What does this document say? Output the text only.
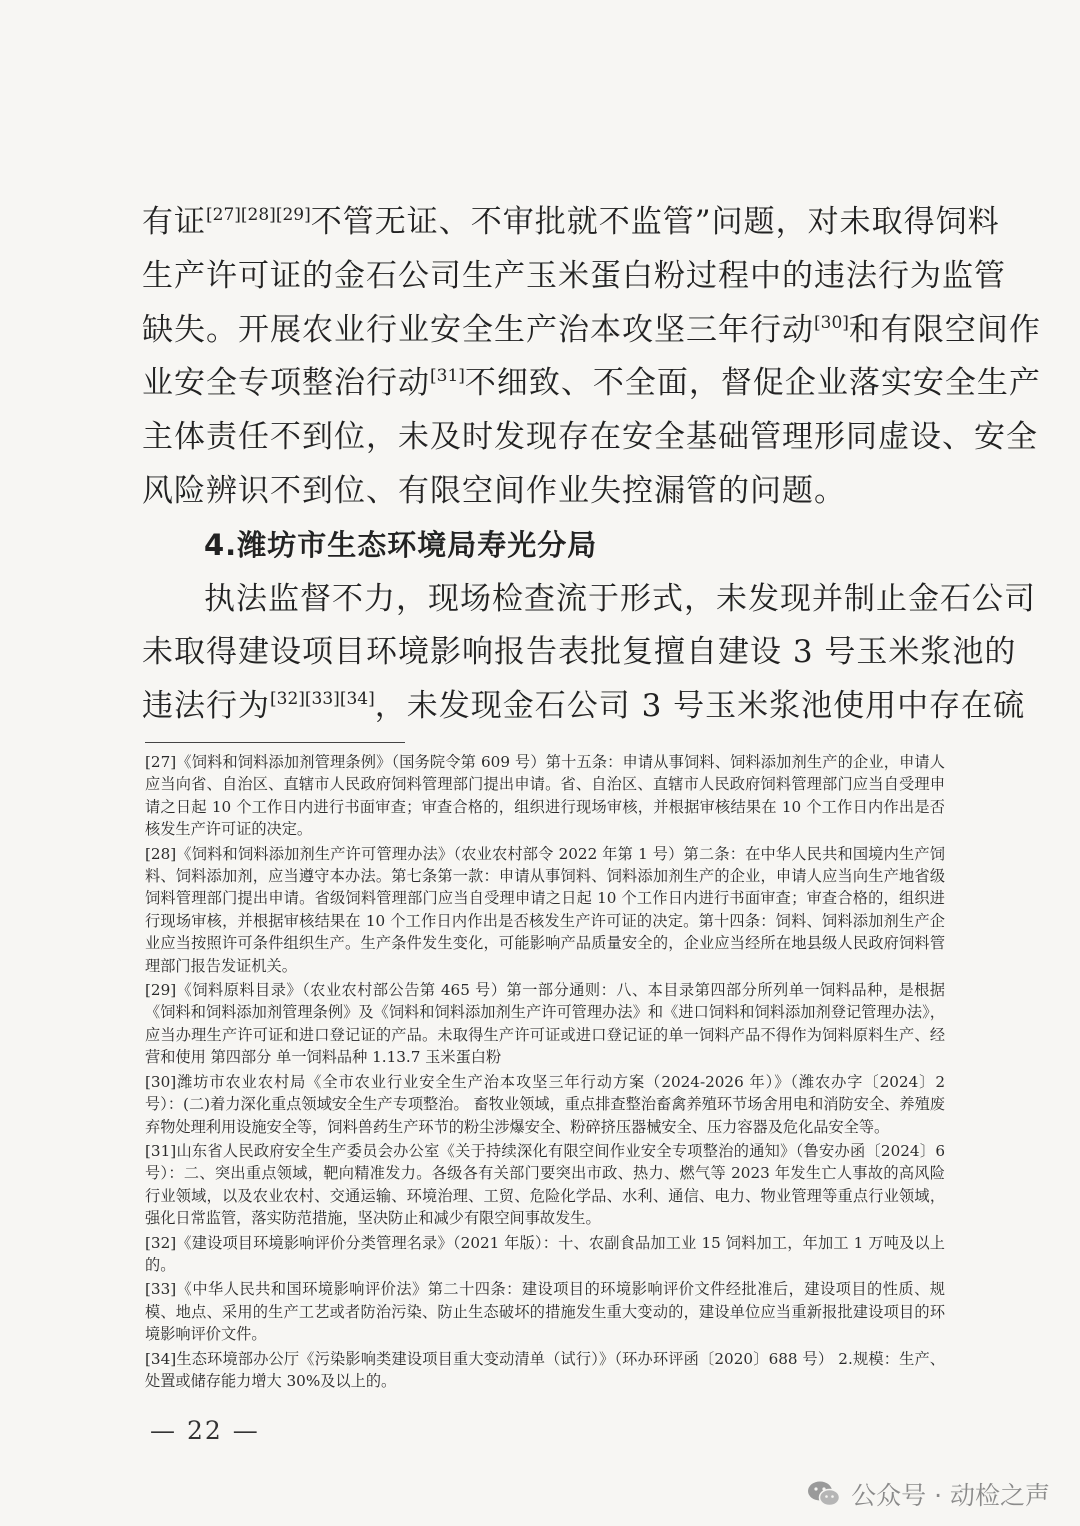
有证[27][28][29]不管无证、不审批就不监管”问题，对未取得饲料
生产许可证的金石公司生产玉米蛋白粉过程中的违法行为监管
缺失。开展农业行业安全生产治本攻坚三年行动[30]和有限空间作
业安全专项整治行动[31]不细致、不全面，督促企业落实安全生产
主体责任不到位，未及时发现存在安全基础管理形同虚设、安全
风险辨识不到位、有限空间作业失控漏管的问题。
4.潍坊市生态环境局寿光分局
执法监督不力，现场检查流于形式，未发现并制止金石公司
未取得建设项目环境影响报告表批复擅自建设 3 号玉米浆池的
违法行为[32][33][34]，未发现金石公司 3 号玉米浆池使用中存在硫

[27]《饲料和饲料添加剂管理条例》（国务院令第 609 号）第十五条：申请从事饲料、饲料添加剂生产的企业，申请人应当向省、自治区、直辖市人民政府饲料管理部门提出申请。省、自治区、直辖市人民政府饲料管理部门应当自受理申请之日起 10 个工作日内进行书面审查；审查合格的，组织进行现场审核，并根据审核结果在 10 个工作日内作出是否核发生产许可证的决定。

[28]《饲料和饲料添加剂生产许可管理办法》（农业农村部令 2022 年第 1 号）第二条：在中华人民共和国境内生产饲料、饲料添加剂，应当遵守本办法。第七条第一款：申请从事饲料、饲料添加剂生产的企业，申请人应当向生产地省级饲料管理部门提出申请。省级饲料管理部门应当自受理申请之日起 10 个工作日内进行书面审查；审查合格的，组织进行现场审核，并根据审核结果在 10 个工作日内作出是否核发生产许可证的决定。第十四条：饲料、饲料添加剂生产企业应当按照许可条件组织生产。生产条件发生变化，可能影响产品质量安全的，企业应当经所在地县级人民政府饲料管理部门报告发证机关。

[29]《饲料原料目录》（农业农村部公告第 465 号）第一部分通则：八、本目录第四部分所列单一饲料品种，是根据《饲料和饲料添加剂管理条例》及《饲料和饲料添加剂生产许可管理办法》和《进口饲料和饲料添加剂登记管理办法》，应当办理生产许可证和进口登记证的产品。未取得生产许可证或进口登记证的单一饲料产品不得作为饲料原料生产、经营和使用 第四部分 单一饲料品种 1.13.7 玉米蛋白粉

[30]潍坊市农业农村局《全市农业行业安全生产治本攻坚三年行动方案（2024-2026 年）》（潍农办字〔2024〕2 号）：(二)着力深化重点领域安全生产专项整治。 畜牧业领域，重点排查整治畜禽养殖环节场舍用电和消防安全、养殖废弃物处理利用设施安全等，饲料兽药生产环节的粉尘涉爆安全、粉碎挤压器械安全、压力容器及危化品安全等。

[31]山东省人民政府安全生产委员会办公室《关于持续深化有限空间作业安全专项整治的通知》（鲁安办函〔2024〕6 号）：二、突出重点领域，靶向精准发力。各级各有关部门要突出市政、热力、燃气等 2023 年发生亡人事故的高风险行业领域，以及农业农村、交通运输、环境治理、工贸、危险化学品、水利、通信、电力、物业管理等重点行业领域，强化日常监管，落实防范措施，坚决防止和减少有限空间事故发生。

[32]《建设项目环境影响评价分类管理名录》（2021 年版）：十、农副食品加工业 15 饲料加工，年加工 1 万吨及以上的。

[33]《中华人民共和国环境影响评价法》第二十四条：建设项目的环境影响评价文件经批准后，建设项目的性质、规模、地点、采用的生产工艺或者防治污染、防止生态破坏的措施发生重大变动的，建设单位应当重新报批建设项目的环境影响评价文件。

[34]生态环境部办公厅《污染影响类建设项目重大变动清单（试行）》（环办环评函〔2020〕688 号） 2.规模：生产、处置或储存能力增大 30%及以上的。

— 22 —
公众号 · 动检之声
